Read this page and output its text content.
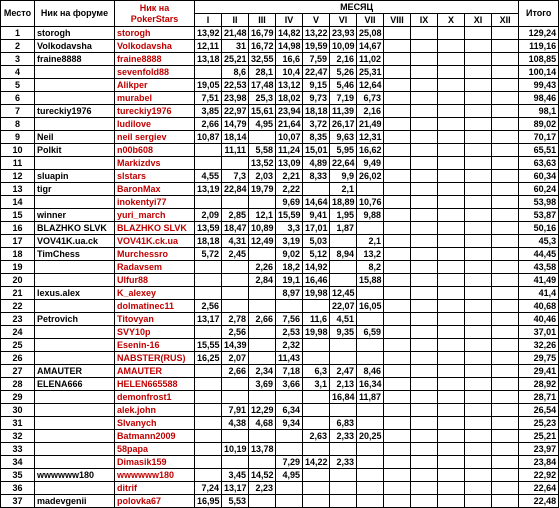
Место	Ник на форуме	Ник на
PokerStars	МЕСЯЦ												Итого
			I	II	III	IV	V	VI	VII	VIII	IX	X	XI	XII	
1	storogh	storogh	13,92	21,48	16,79	14,82	13,22	23,93	25,08						129,24
2	Volkodavsha	Volkodavsha	12,11	31	16,72	14,98	19,59	10,09	14,67						119,16
3	fraine8888	fraine8888	13,18	25,21	32,55	16,6	7,59	2,16	11,02						108,85
4		sevenfold88		8,6	28,1	10,4	22,47	5,26	25,31						100,14
5		Alikper	19,05	22,53	17,48	13,12	9,15	5,46	12,64						99,43
6		murabel	7,51	23,98	25,3	18,02	9,73	7,19	6,73						98,46
7	tureckiy1976	tureckiy1976	3,85	22,97	15,61	23,94	18,18	11,39	2,16						98,1
8		ludilove	2,66	14,79	4,95	21,64	3,72	26,17	21,49						89,02
9	Neil	neil sergiev	10,87	18,14		10,07	8,35	9,63	12,31						70,17
10	Polkit	n00b608		11,11	5,58	11,24	15,01	5,95	16,62						65,51
11		Markizdvs			13,52	13,09	4,89	22,64	9,49						63,63
12	sluapin	slstars	4,55	7,3	2,03	2,21	8,33	9,9	26,02						60,34
13	tigr	BaronMax	13,19	22,84	19,79	2,22		2,1							60,24
14		inokentyi77				9,69	14,64	18,89	10,76						53,98
15	winner	yuri_march	2,09	2,85	12,1	15,59	9,41	1,95	9,88						53,87
16	BLAZHKO SLVK	BLAZHKO SLVK	13,59	18,47	10,89	3,3	17,01	1,87							50,16
17	VOV41K.ua.ck	VOV41K.ck.ua	18,18	4,31	12,49	3,19	5,03		2,1						45,3
18	TimChess	Murchessro	5,72	2,45		9,02	5,12	8,94	13,2						44,45
19		Radavsem			2,26	18,2	14,92		8,2						43,58
20		Ulfur88			2,84	19,1	16,46		15,88						41,49
21	lexus.alex	K_alexey				8,97	19,98	12,45							41,4
22		dolmatinec11	2,56					22,07	16,05						40,68
23	Petrovich	Titovyan	13,17	2,78	2,66	7,56	11,6	4,51							40,46
24		SVY10p		2,56		2,53	19,98	9,35	6,59						37,01
25		Esenin-16	15,55	14,39		2,32									32,26
26		NABSTER(RUS)	16,25	2,07		11,43									29,75
27	AMAUTER	AMAUTER		2,66	2,34	7,18	6,3	2,47	8,46						29,41
28	ELENA666	HELEN665588			3,69	3,66	3,1	2,13	16,34						28,92
29		demonfrost1						16,84	11,87						28,71
30		alek.john		7,91	12,29	6,34									26,54
31		Slvanych		4,38	4,68	9,34		6,83							25,23
32		Batmann2009					2,63	2,33	20,25						25,21
33		58papa		10,19	13,78										23,97
34		Dimasik159				7,29	14,22	2,33							23,84
35	wwwwww180	wwwwww180		3,45	14,52	4,95									22,92
36		ditrif	7,24	13,17	2,23										22,64
37	madevgenii	polovka67	16,95	5,53											22,48
